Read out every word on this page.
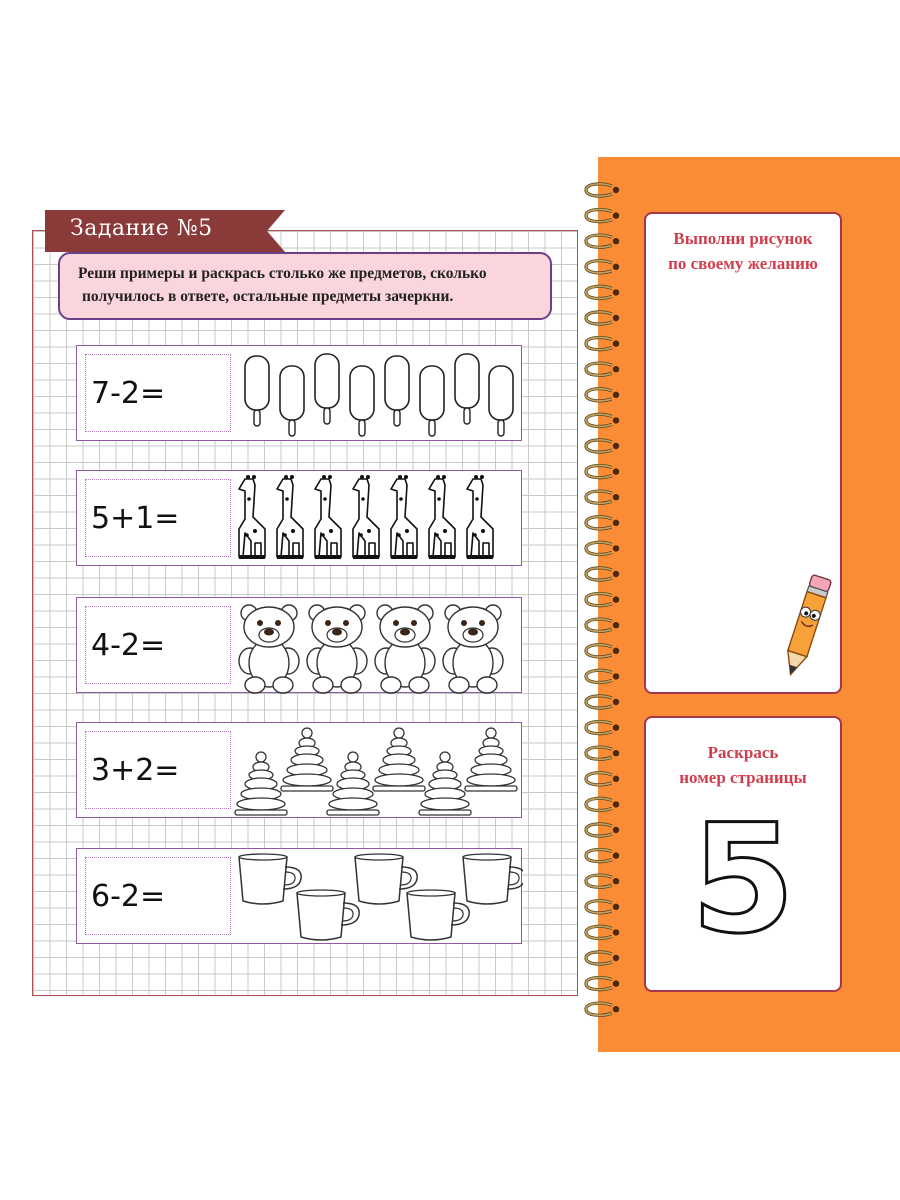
Задание №5
Реши примеры и раскрась столько же предметов, сколько
получилось в ответе, остальные предметы зачеркни.
7-2=
5+1=
4-2=
3+2=
6-2=
Выполни рисунок
по своему желанию
Раскрась
номер страницы
5
